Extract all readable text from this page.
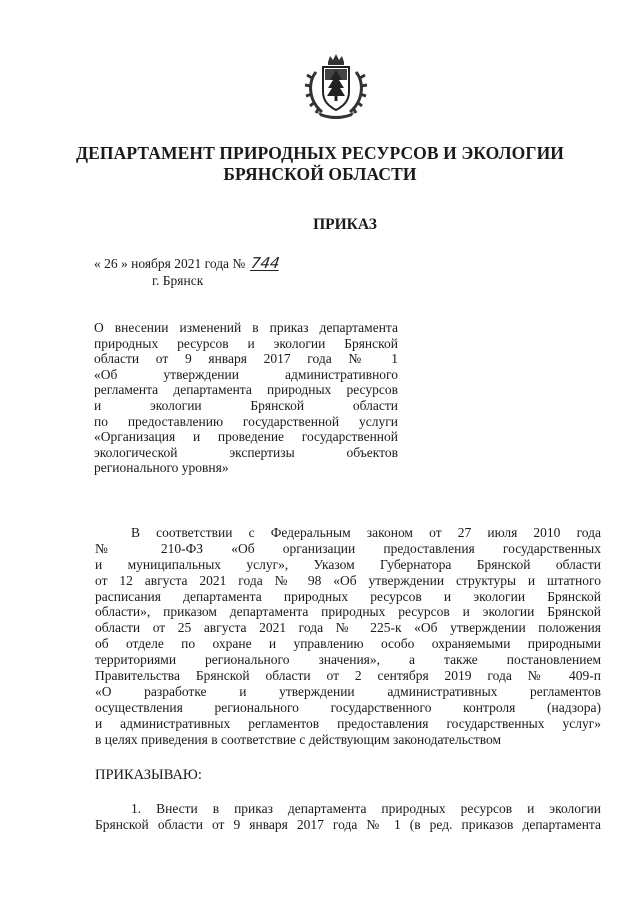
ДЕПАРТАМЕНТ ПРИРОДНЫХ РЕСУРСОВ И ЭКОЛОГИИ
БРЯНСКОЙ ОБЛАСТИ
ПРИКАЗ
« 26 » ноября 2021 года № 744
г. Брянск
О внесении изменений в приказ департамента
природных ресурсов и экологии Брянской
области от 9 января 2017 года № 1
«Об утверждении административного
регламента департамента природных ресурсов
и экологии Брянской области
по предоставлению государственной услуги
«Организация и проведение государственной
экологической экспертизы объектов
регионального уровня»
В соответствии с Федеральным законом от 27 июля 2010 года
№ 210-ФЗ «Об организации предоставления государственных
и муниципальных услуг», Указом Губернатора Брянской области
от 12 августа 2021 года № 98 «Об утверждении структуры и штатного
расписания департамента природных ресурсов и экологии Брянской
области», приказом департамента природных ресурсов и экологии Брянской
области от 25 августа 2021 года № 225-к «Об утверждении положения
об отделе по охране и управлению особо охраняемыми природными
территориями регионального значения», а также постановлением
Правительства Брянской области от 2 сентября 2019 года № 409-п
«О разработке и утверждении административных регламентов
осуществления регионального государственного контроля (надзора)
и административных регламентов предоставления государственных услуг»
в целях приведения в соответствие с действующим законодательством
ПРИКАЗЫВАЮ:
1. Внести в приказ департамента природных ресурсов и экологии
Брянской области от 9 января 2017 года № 1 (в ред. приказов департамента
